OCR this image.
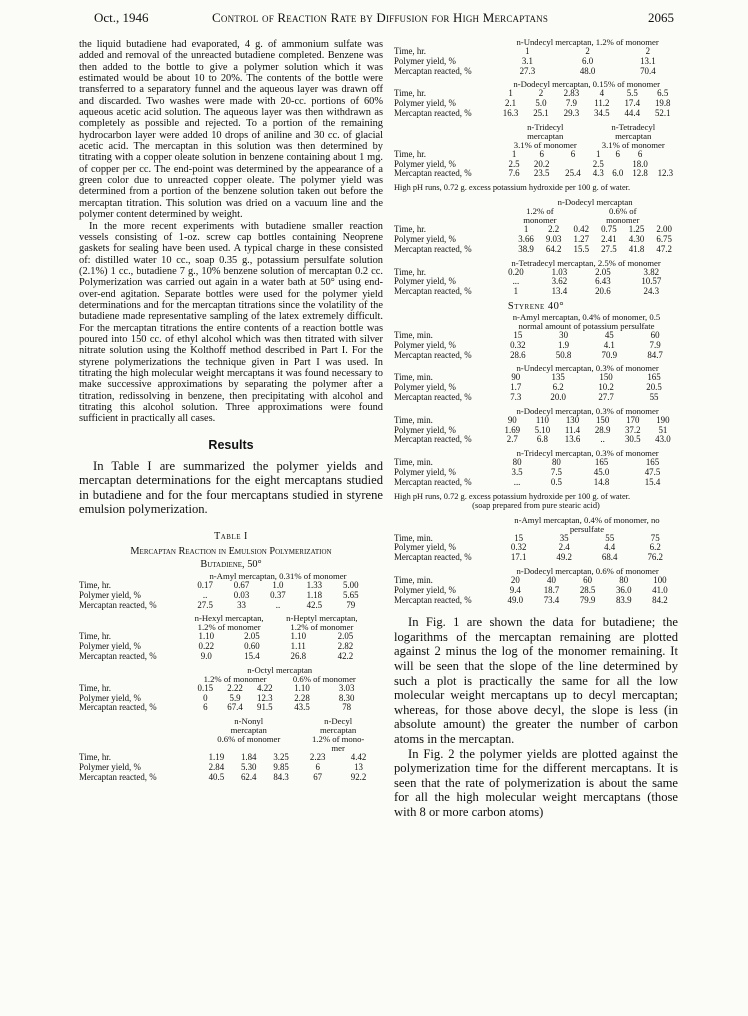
Oct., 1946	Control of Reaction Rate by Diffusion for High Mercaptans	2065

the liquid butadiene had evaporated, 4 g. of ammonium sulfate was added and removal of the unreacted butadiene completed. Benzene was then added to the bottle to give a polymer solution which it was estimated would be about 10 to 20%. The contents of the bottle were transferred to a separatory funnel and the aqueous layer was drawn off and discarded. Two washes were made with 20-cc. portions of 60% aqueous acetic acid solution. The aqueous layer was then withdrawn as completely as possible and rejected. To a portion of the remaining hydrocarbon layer were added 10 drops of aniline and 30 cc. of glacial acetic acid. The mercaptan in this solution was then determined by titrating with a copper oleate solution in benzene containing about 1 mg. of copper per cc. The end-point was determined by the appearance of a green color due to unreacted copper oleate. The polymer yield was determined from a portion of the benzene solution taken out before the mercaptan titration. This solution was dried on a vacuum line and the polymer content determined by weight.

In the more recent experiments with butadiene smaller reaction vessels consisting of 1-oz. screw cap bottles containing Neoprene gaskets for sealing have been used. A typical charge in these consisted of: distilled water 10 cc., soap 0.35 g., potassium persulfate solution (2.1%) 1 cc., butadiene 7 g., 10% benzene solution of mercaptan 0.2 cc. Polymerization was carried out again in a water bath at 50° using end-over-end agitation. Separate bottles were used for the polymer yield determinations and for the mercaptan titrations since the volatility of the butadiene made representative sampling of the latex extremely difficult. For the mercaptan titrations the entire contents of a reaction bottle was poured into 150 cc. of ethyl alcohol which was then titrated with silver nitrate solution using the Kolthoff method described in Part I. For the styrene polymerizations the technique given in Part I was used. In titrating the high molecular weight mercaptans it was found necessary to make successive approximations by separating the polymer after a titration, redissolving in benzene, then precipitating with alcohol and titrating this alcohol solution. Three approximations were found sufficient in practically all cases.

Results

In Table I are summarized the polymer yields and mercaptan determinations for the eight mercaptans studied in butadiene and for the four mercaptans studied in styrene emulsion polymerization.

Table I
Mercaptan Reaction in Emulsion Polymerization
Butadiene, 50°
	n-Amyl mercaptan, 0.31% of monomer				
Time, hr.	0.17	0.67	1.0	1.33	5.00
Polymer yield, %	..	0.03	0.37	1.18	5.65
Mercaptan reacted, %	27.5	33	..	42.5	79
	n-Hexyl mercaptan,		n-Heptyl mercaptan,	
	1.2% of monomer		1.2% of monomer	
Time, hr.	1.10	2.05	1.10	2.05
Polymer yield, %	0.22	0.60	1.11	2.82
Mercaptan reacted, %	9.0	15.4	26.8	42.2
	n-Octyl mercaptan				
	1.2% of monomer			0.6% of monomer	
Time, hr.	0.15	2.22	4.22	1.10	3.03
Polymer yield, %	0	5.9	12.3	2.28	8.30
Mercaptan reacted, %	6	67.4	91.5	43.5	78
	n-Nonyl			n-Decyl	
	mercaptan			mercaptan	
	0.6% of monomer			1.2% of mono-	
				mer	
Time, hr.	1.19	1.84	3.25	2.23	4.42
Polymer yield, %	2.84	5.30	9.85	6	13
Mercaptan reacted, %	40.5	62.4	84.3	67	92.2
	n-Undecyl mercaptan, 1.2% of monomer		
Time, hr.	1	2	2
Polymer yield, %	3.1	6.0	13.1
Mercaptan reacted, %	27.3	48.0	70.4
	n-Dodecyl mercaptan, 0.15% of monomer					
Time, hr.	1	2	2.83	4	5.5	6.5
Polymer yield, %	2.1	5.0	7.9	11.2	17.4	19.8
Mercaptan reacted, %	16.3	25.1	29.3	34.5	44.4	52.1
	n-Tridecyl			n-Tetradecyl			
	mercaptan			mercaptan			
	3.1% of monomer			3.1% of monomer			
Time, hr.	1	6	6	1	6	6	
Polymer yield, %	2.5	20.2		2.5		18.0	
Mercaptan reacted, %	7.6	23.5	25.4	4.3	6.0	12.8	12.3
High pH runs, 0.72 g. excess potassium hydroxide per 100 g. of water.
	n-Dodecyl mercaptan					
	1.2% of		0.6% of			
	monomer		monomer			
Time, hr.	1	2.2	0.42	0.75	1.25	2.00
Polymer yield, %	3.66	9.03	1.27	2.41	4.30	6.75
Mercaptan reacted, %	38.9	64.2	15.5	27.5	41.8	47.2
	n-Tetradecyl mercaptan, 2.5% of monomer			
Time, hr.	0.20	1.03	2.05	3.82
Polymer yield, %	...	3.62	6.43	10.57
Mercaptan reacted, %	1	13.4	20.6	24.3
Styrene 40°
	n-Amyl mercaptan, 0.4% of monomer, 0.5			
	normal amount of potassium persulfate			
Time, min.	15	30	45	60
Polymer yield, %	0.32	1.9	4.1	7.9
Mercaptan reacted, %	28.6	50.8	70.9	84.7
	n-Undecyl mercaptan, 0.3% of monomer			
Time, min.	90	135	150	165
Polymer yield, %	1.7	6.2	10.2	20.5
Mercaptan reacted, %	7.3	20.0	27.7	55
	n-Dodecyl mercaptan, 0.3% of monomer					
Time, min.	90	110	130	150	170	190
Polymer yield, %	1.69	5.10	11.4	28.9	37.2	51
Mercaptan reacted, %	2.7	6.8	13.6	..	30.5	43.0
	n-Tridecyl mercaptan, 0.3% of monomer			
Time, min.	80	80	165	165
Polymer yield, %	3.5	7.5	45.0	47.5
Mercaptan reacted, %	...	0.5	14.8	15.4
High pH runs, 0.72 g. excess potassium hydroxide per 100 g. of water.
(soap prepared from pure stearic acid)
	n-Amyl mercaptan, 0.4% of monomer, no			
	persulfate			
Time, min.	15	35	55	75
Polymer yield, %	0.32	2.4	4.4	6.2
Mercaptan reacted, %	17.1	49.2	68.4	76.2
	n-Dodecyl mercaptan, 0.6% of monomer				
Time, min.	20	40	60	80	100
Polymer yield, %	9.4	18.7	28.5	36.0	41.0
Mercaptan reacted, %	49.0	73.4	79.9	83.9	84.2

In Fig. 1 are shown the data for butadiene; the logarithms of the mercaptan remaining are plotted against 2 minus the log of the monomer remaining. It will be seen that the slope of the line determined by such a plot is practically the same for all the low molecular weight mercaptans up to decyl mercaptan; whereas, for those above decyl, the slope is less (in absolute amount) the greater the number of carbon atoms in the mercaptan.

In Fig. 2 the polymer yields are plotted against the polymerization time for the different mercaptans. It is seen that the rate of polymerization is about the same for all the high molecular weight mercaptans (those with 8 or more carbon atoms)
